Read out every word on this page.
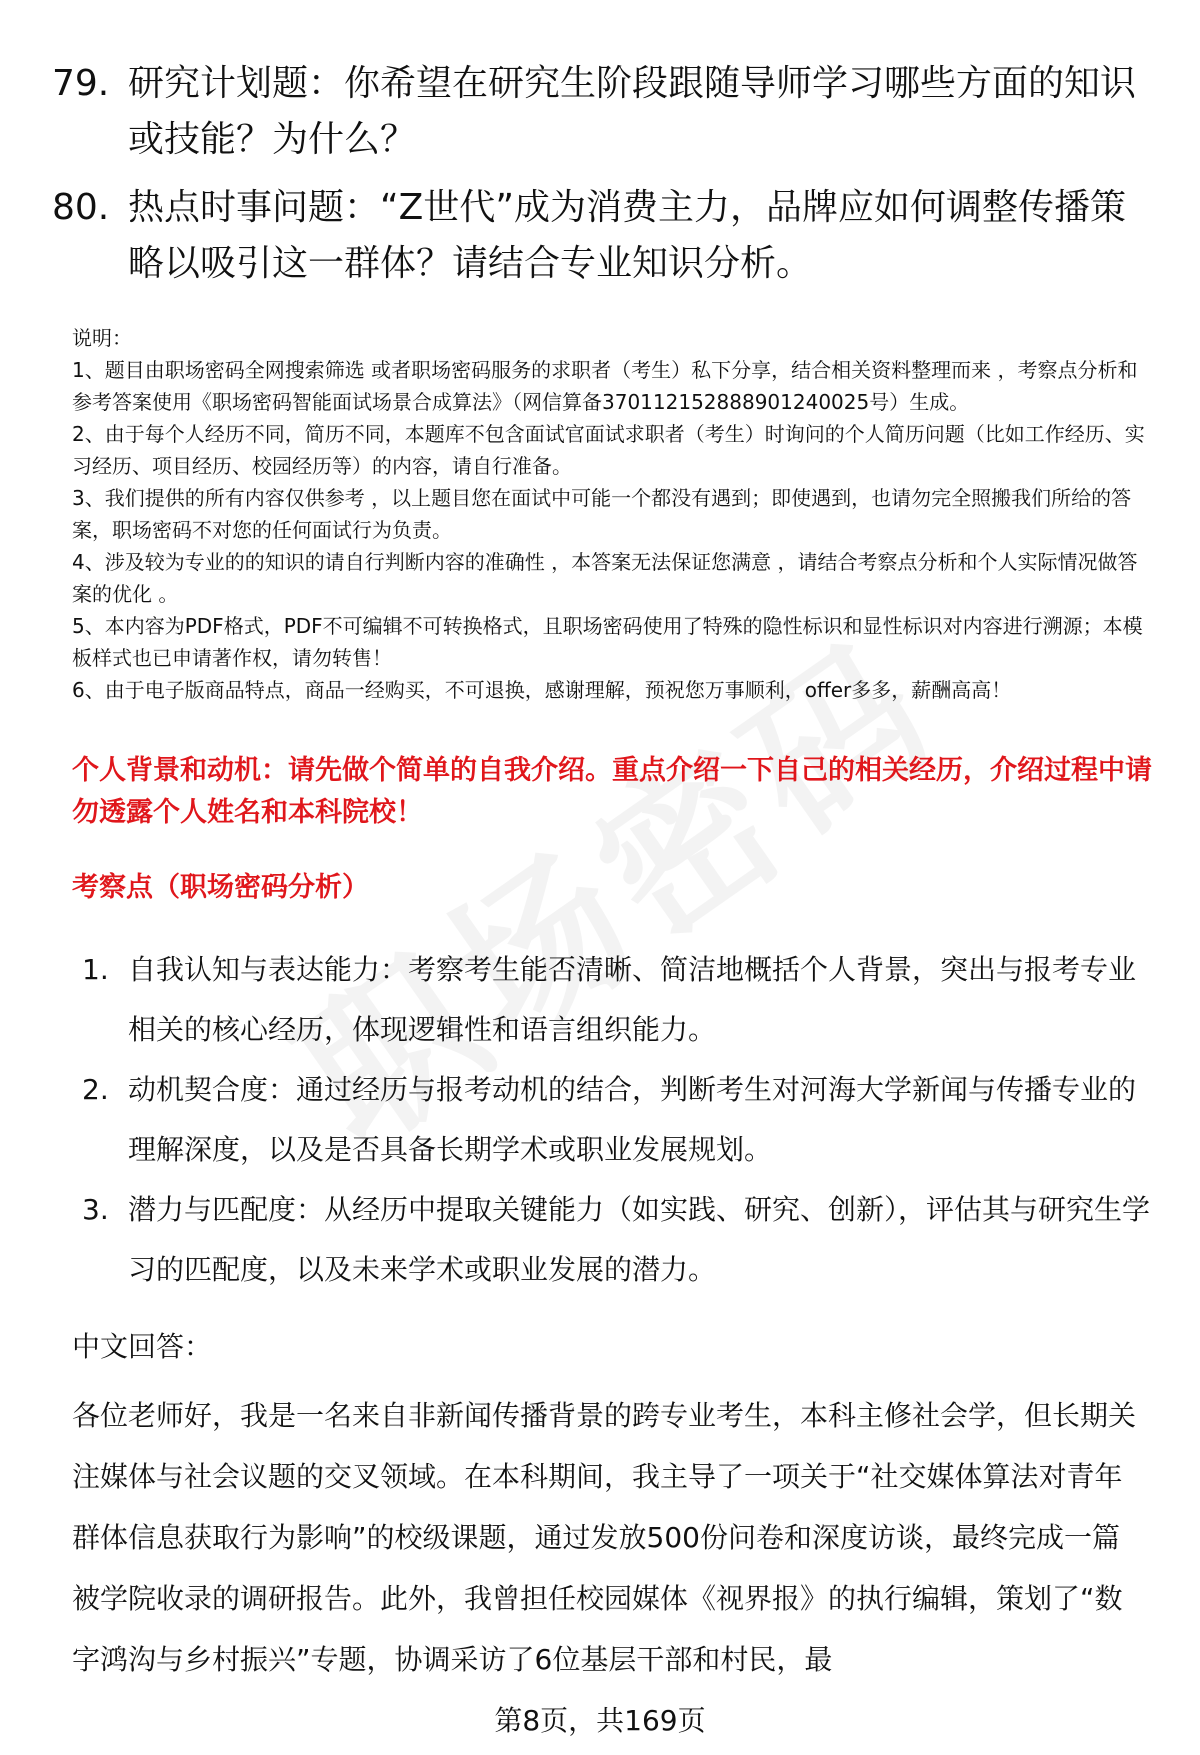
79. 研究计划题：你希望在研究生阶段跟随导师学习哪些方面的知识或技能？为什么？
80. 热点时事问题：“Z世代”成为消费主力，品牌应如何调整传播策略以吸引这一群体？请结合专业知识分析。

说明：

1、题目由职场密码全网搜索筛选 或者职场密码服务的求职者（考生）私下分享，结合相关资料整理而来 ，考察点分析和参考答案使用《职场密码智能面试场景合成算法》（网信算备370112152888901240025号）生成。

2、由于每个人经历不同，简历不同，本题库不包含面试官面试求职者（考生）时询问的个人简历问题（比如工作经历、实习经历、项目经历、校园经历等）的内容，请自行准备。

3、我们提供的所有内容仅供参考 ，以上题目您在面试中可能一个都没有遇到；即使遇到，也请勿完全照搬我们所给的答案，职场密码不对您的任何面试行为负责。

4、涉及较为专业的的知识的请自行判断内容的准确性 ，本答案无法保证您满意 ，请结合考察点分析和个人实际情况做答案的优化 。

5、本内容为PDF格式，PDF不可编辑不可转换格式，且职场密码使用了特殊的隐性标识和显性标识对内容进行溯源；本模板样式也已申请著作权，请勿转售！

6、由于电子版商品特点，商品一经购买，不可退换，感谢理解，预祝您万事顺利，offer多多，薪酬高高！

个人背景和动机：请先做个简单的自我介绍。重点介绍一下自己的相关经历，介绍过程中请勿透露个人姓名和本科院校！
考察点（职场密码分析）
1. 自我认知与表达能力：考察考生能否清晰、简洁地概括个人背景，突出与报考专业相关的核心经历，体现逻辑性和语言组织能力。
2. 动机契合度：通过经历与报考动机的结合，判断考生对河海大学新闻与传播专业的理解深度，以及是否具备长期学术或职业发展规划。
3. 潜力与匹配度：从经历中提取关键能力（如实践、研究、创新），评估其与研究生学习的匹配度，以及未来学术或职业发展的潜力。
中文回答：
各位老师好，我是一名来自非新闻传播背景的跨专业考生，本科主修社会学，但长期关注媒体与社会议题的交叉领域。在本科期间，我主导了一项关于“社交媒体算法对青年群体信息获取行为影响”的校级课题，通过发放500份问卷和深度访谈，最终完成一篇被学院收录的调研报告。此外，我曾担任校园媒体《视界报》的执行编辑，策划了“数字鸿沟与乡村振兴”专题，协调采访了6位基层干部和村民，最
第8页，共169页
